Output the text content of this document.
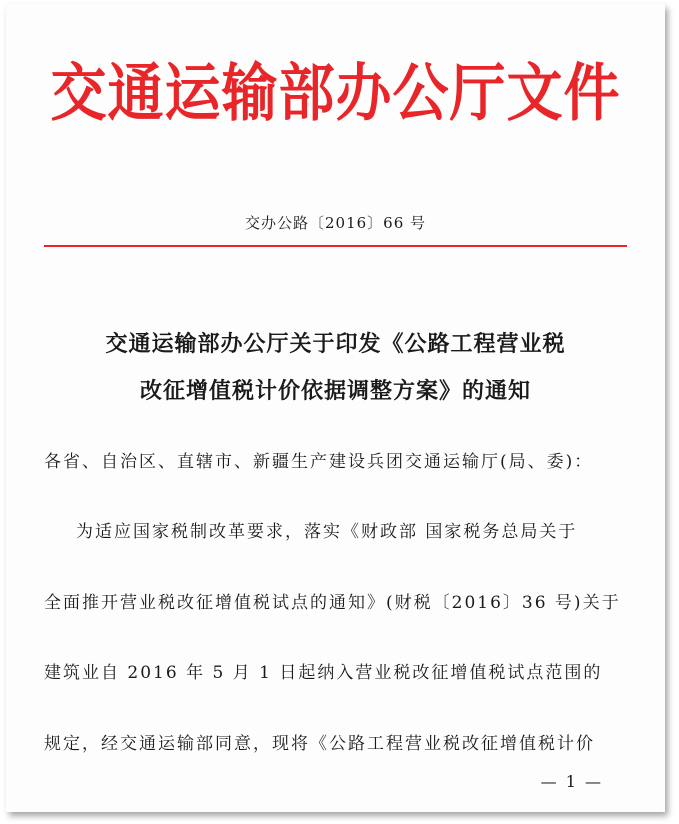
交通运输部办公厅文件
交办公路〔2016〕66 号
交通运输部办公厅关于印发《公路工程营业税
改征增值税计价依据调整方案》的通知
各省、自治区、直辖市、新疆生产建设兵团交通运输厅(局、委)：
为适应国家税制改革要求，落实《财政部 国家税务总局关于
全面推开营业税改征增值税试点的通知》(财税〔2016〕36 号)关于
建筑业自 2016 年 5 月 1 日起纳入营业税改征增值税试点范围的
规定，经交通运输部同意，现将《公路工程营业税改征增值税计价
— 1 —
